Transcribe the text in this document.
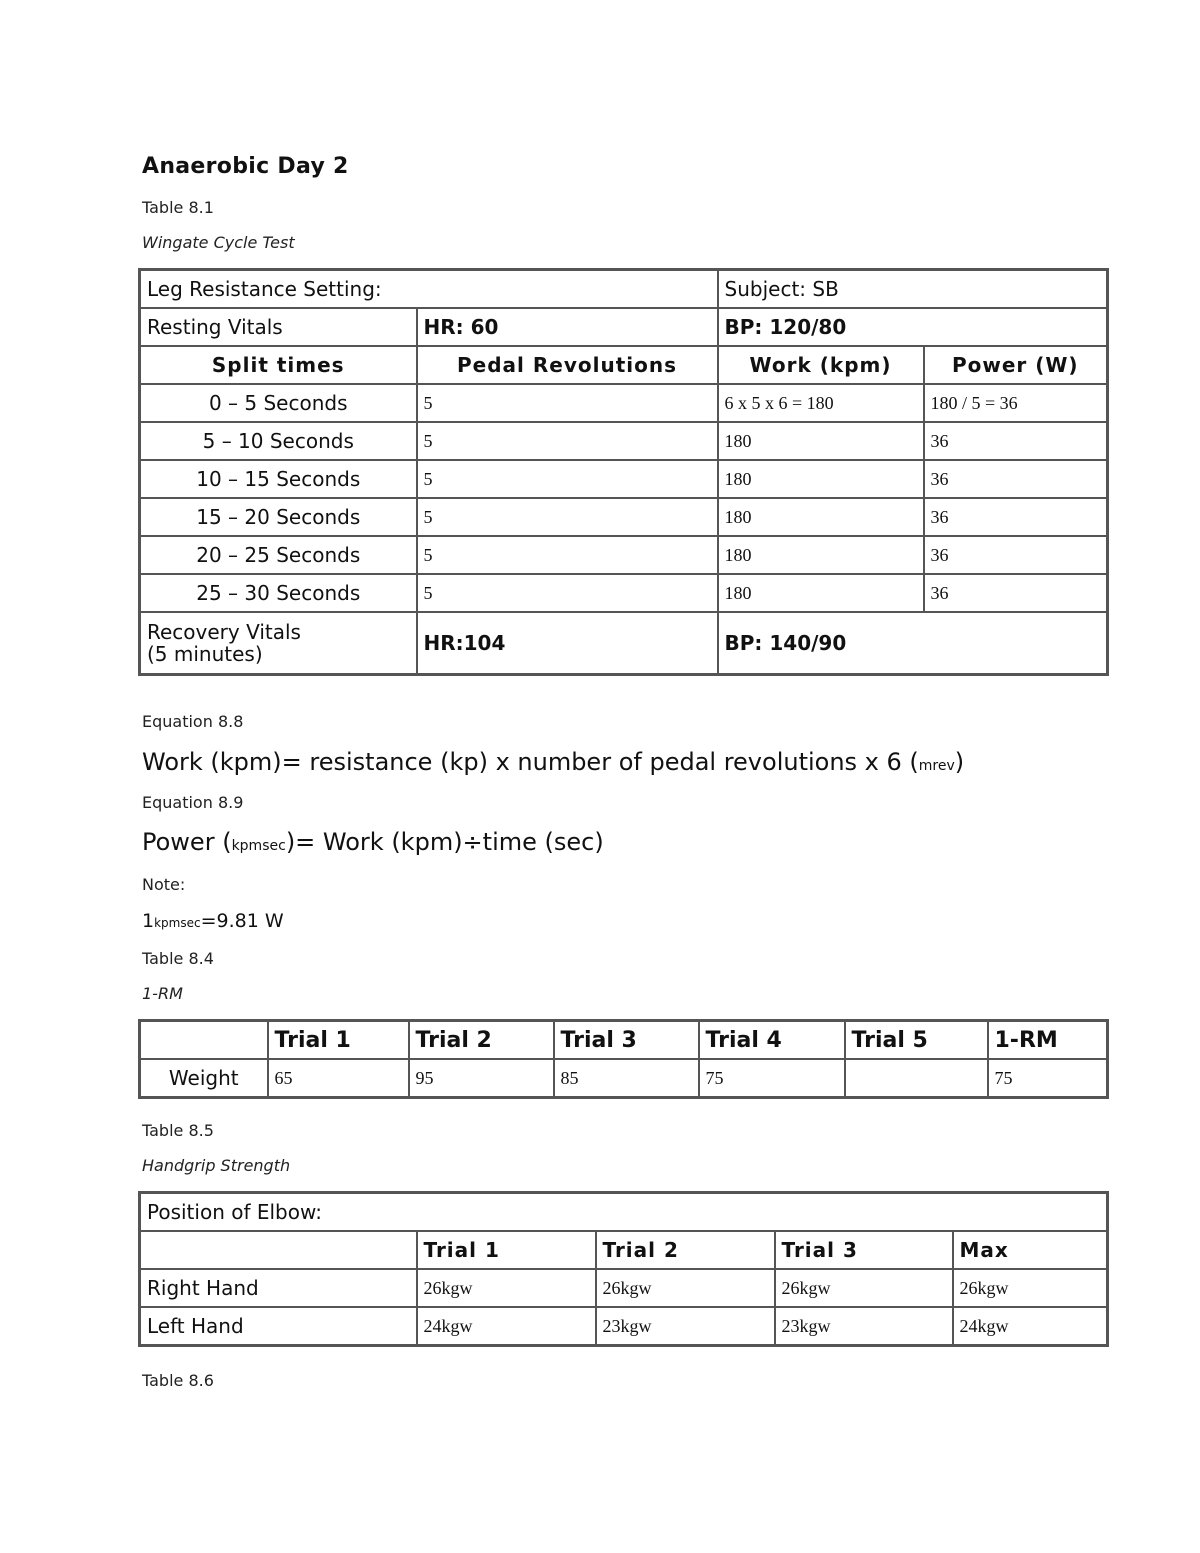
Anaerobic Day 2
Table 8.1
Wingate Cycle Test
Leg Resistance Setting:		Subject: SB	
Resting Vitals	HR: 60	BP: 120/80	
Split times	Pedal Revolutions	Work (kpm)	Power (W)
0 – 5 Seconds	5	6 x 5 x 6 = 180	180 / 5 = 36
5 – 10 Seconds	5	180	36
10 – 15 Seconds	5	180	36
15 – 20 Seconds	5	180	36
20 – 25 Seconds	5	180	36
25 – 30 Seconds	5	180	36
Recovery Vitals
(5 minutes)	HR:104	BP: 140/90	
Equation 8.8
Work (kpm)= resistance (kp) x number of pedal revolutions x 6 (mrev)
Equation 8.9
Power (kpmsec)= Work (kpm)÷time (sec)
Note:
1kpmsec=9.81 W
Table 8.4
1-RM
	Trial 1	Trial 2	Trial 3	Trial 4	Trial 5	1-RM
Weight	65	95	85	75		75
Table 8.5
Handgrip Strength
Position of Elbow:				
	Trial 1	Trial 2	Trial 3	Max
Right Hand	26kgw	26kgw	26kgw	26kgw
Left Hand	24kgw	23kgw	23kgw	24kgw
Table 8.6
